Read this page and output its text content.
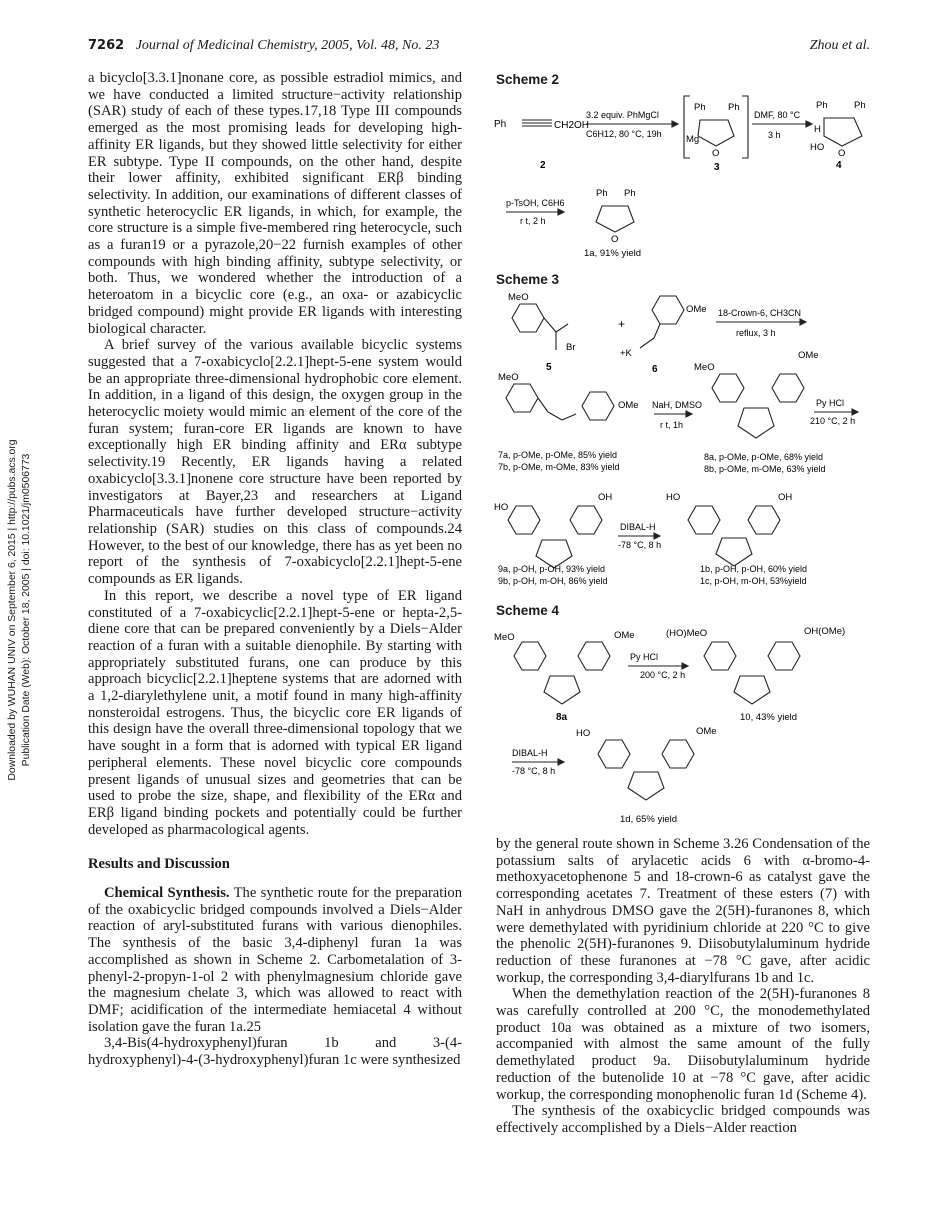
7262 Journal of Medicinal Chemistry, 2005, Vol. 48, No. 23	Zhou et al.
Downloaded by WUHAN UNIV on September 6, 2015 | http://pubs.acs.org Publication Date (Web): October 18, 2005 | doi: 10.1021/jm0506773

a bicyclo[3.3.1]nonane core, as possible estradiol mimics, and we have conducted a limited structure−activity relationship (SAR) study of each of these types.17,18 Type III compounds emerged as the most promising leads for developing high-affinity ER ligands, but they showed little selectivity for either ER subtype. Type II compounds, on the other hand, despite their lower affinity, exhibited significant ERβ binding selectivity. In addition, our examinations of different classes of synthetic heterocyclic ER ligands, in which, for example, the core structure is a simple five-membered ring heterocycle, such as a furan19 or a pyrazole,20−22 furnish examples of other compounds with high binding affinity, subtype selectivity, or both. Thus, we wondered whether the introduction of a heteroatom in a bicyclic core (e.g., an oxa- or azabicyclic bridged compound) might provide ER ligands with interesting biological character.

A brief survey of the various available bicyclic systems suggested that a 7-oxabicyclo[2.2.1]hept-5-ene system would be an appropriate three-dimensional hydrophobic core element. In addition, in a ligand of this design, the oxygen group in the heterocyclic moiety would mimic an element of the core of the furan system; furan-core ER ligands are known to have exceptionally high ER binding affinity and ERα subtype selectivity.19 Recently, ER ligands having a related oxabicyclo[3.3.1]nonene core structure have been reported by investigators at Bayer,23 and researchers at Ligand Pharmaceuticals have further developed structure−activity relationship (SAR) studies on this class of compounds.24 However, to the best of our knowledge, there has as yet been no report of the synthesis of 7-oxabicyclo[2.2.1]hept-5-ene compounds as ER ligands.

In this report, we describe a novel type of ER ligand constituted of a 7-oxabicyclic[2.2.1]hept-5-ene or hepta-2,5-diene core that can be prepared conveniently by a Diels−Alder reaction of a furan with a suitable dienophile. By starting with appropriately substituted furans, one can produce by this approach bicyclic[2.2.1]heptene systems that are adorned with a 1,2-diarylethylene unit, a motif found in many high-affinity nonsteroidal estrogens. Thus, the bicyclic core ER ligands of this design have the overall three-dimensional topology that we have sought in a form that is adorned with typical ER ligand peripheral elements. These novel bicyclic core compounds present ligands of unusual sizes and geometries that can be used to probe the size, shape, and flexibility of the ERα and ERβ ligand binding pockets and potentially could be further developed as pharmacological agents.

Results and Discussion

Chemical Synthesis. The synthetic route for the preparation of the oxabicyclic bridged compounds involved a Diels−Alder reaction of aryl-substituted furans with various dienophiles. The synthesis of the basic 3,4-diphenyl furan 1a was accomplished as shown in Scheme 2. Carbometalation of 3-phenyl-2-propyn-1-ol 2 with phenylmagnesium chloride gave the magnesium chelate 3, which was allowed to react with DMF; acidification of the intermediate hemiacetal 4 without isolation gave the furan 1a.25

3,4-Bis(4-hydroxyphenyl)furan 1b and 3-(4-hydroxyphenyl)-4-(3-hydroxyphenyl)furan 1c were synthesized

by the general route shown in Scheme 3.26 Condensation of the potassium salts of arylacetic acids 6 with α-bromo-4-methoxyacetophenone 5 and 18-crown-6 as catalyst gave the corresponding acetates 7. Treatment of these esters (7) with NaH in anhydrous DMSO gave the 2(5H)-furanones 8, which were demethylated with pyridinium chloride at 220 °C to give the phenolic 2(5H)-furanones 9. Diisobutylaluminum hydride reduction of these furanones at −78 °C gave, after acidic workup, the corresponding 3,4-diarylfurans 1b and 1c.

When the demethylation reaction of the 2(5H)-furanones 8 was carefully controlled at 200 °C, the monodemethylated product 10a was obtained as a mixture of two isomers, accompanied with almost the same amount of the fully demethylated product 9a. Diisobutylaluminum hydride reduction of the butenolide 10 at −78 °C gave, after acidic workup, the corresponding monophenolic furan 1d (Scheme 4).

The synthesis of the oxabicyclic bridged compounds was effectively accomplished by a Diels−Alder reaction

Scheme 2
Ph	CH2OH
3.2 equiv. PhMgCl
C6H12, 80 °C, 19h
Ph Ph
Mg
O
DMF, 80 °C
3 h
Ph	Ph
H
HO
O
2	3	4
p-TsOH, C6H6
r t, 2 h
Ph Ph
O
1a, 91% yield
Scheme 3
MeO
Br
+
OMe
+K
18-Crown-6, CH3CN
reflux, 3 h
5	6
MeO
OMe NaH, DMSO
r t, 1h
MeO
OMe
Py HCl
210 °C, 2 h
7a, p-OMe, p-OMe, 85% yield
7b, p-OMe, m-OMe, 83% yield
8a, p-OMe, p-OMe, 68% yield
8b, p-OMe, m-OMe, 63% yield
HO
OH
DIBAL-H
-78 °C, 8 h
HO	OH
9a, p-OH, p-OH, 93% yield
9b, p-OH, m-OH, 86% yield
1b, p-OH, p-OH, 60% yield
1c, p-OH, m-OH, 53%yield
Scheme 4
MeO	OMe
Py HCl
200 °C, 2 h
(HO)MeO	OH(OMe)
8a	10, 43% yield
DIBAL-H
-78 °C, 8 h
HO	OMe
1d, 65% yield
